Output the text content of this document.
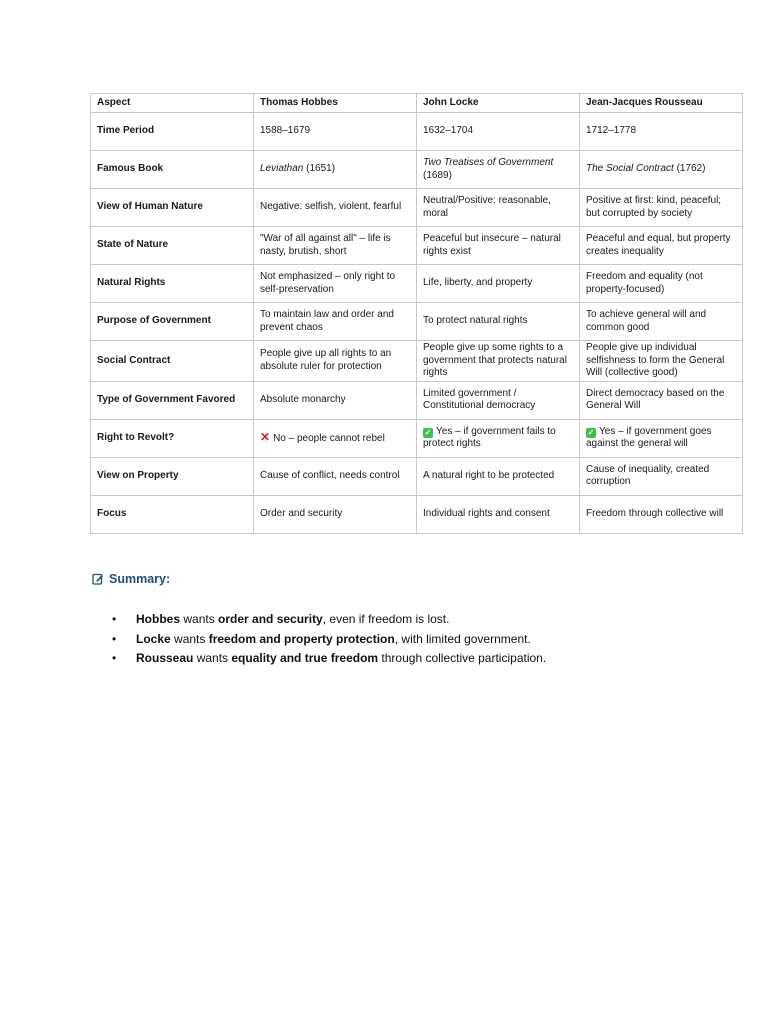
Aspect	Thomas Hobbes	John Locke	Jean-Jacques Rousseau
Time Period	1588–1679	1632–1704	1712–1778
Famous Book	Leviathan (1651)	Two Treatises of Government (1689)	The Social Contract (1762)
View of Human Nature	Negative: selfish, violent, fearful	Neutral/Positive: reasonable, moral	Positive at first: kind, peaceful; but corrupted by society
State of Nature	"War of all against all" – life is nasty, brutish, short	Peaceful but insecure – natural rights exist	Peaceful and equal, but property creates inequality
Natural Rights	Not emphasized – only right to self-preservation	Life, liberty, and property	Freedom and equality (not property-focused)
Purpose of Government	To maintain law and order and prevent chaos	To protect natural rights	To achieve general will and common good
Social Contract	People give up all rights to an absolute ruler for protection	People give up some rights to a government that protects natural rights	People give up individual selfishness to form the General Will (collective good)
Type of Government Favored	Absolute monarchy	Limited government / Constitutional democracy	Direct democracy based on the General Will
Right to Revolt?	✕ No – people cannot rebel	✓ Yes – if government fails to protect rights	✓ Yes – if government goes against the general will
View on Property	Cause of conflict, needs control	A natural right to be protected	Cause of inequality, created corruption
Focus	Order and security	Individual rights and consent	Freedom through collective will
Summary:
• Hobbes wants order and security, even if freedom is lost.
• Locke wants freedom and property protection, with limited government.
• Rousseau wants equality and true freedom through collective participation.
